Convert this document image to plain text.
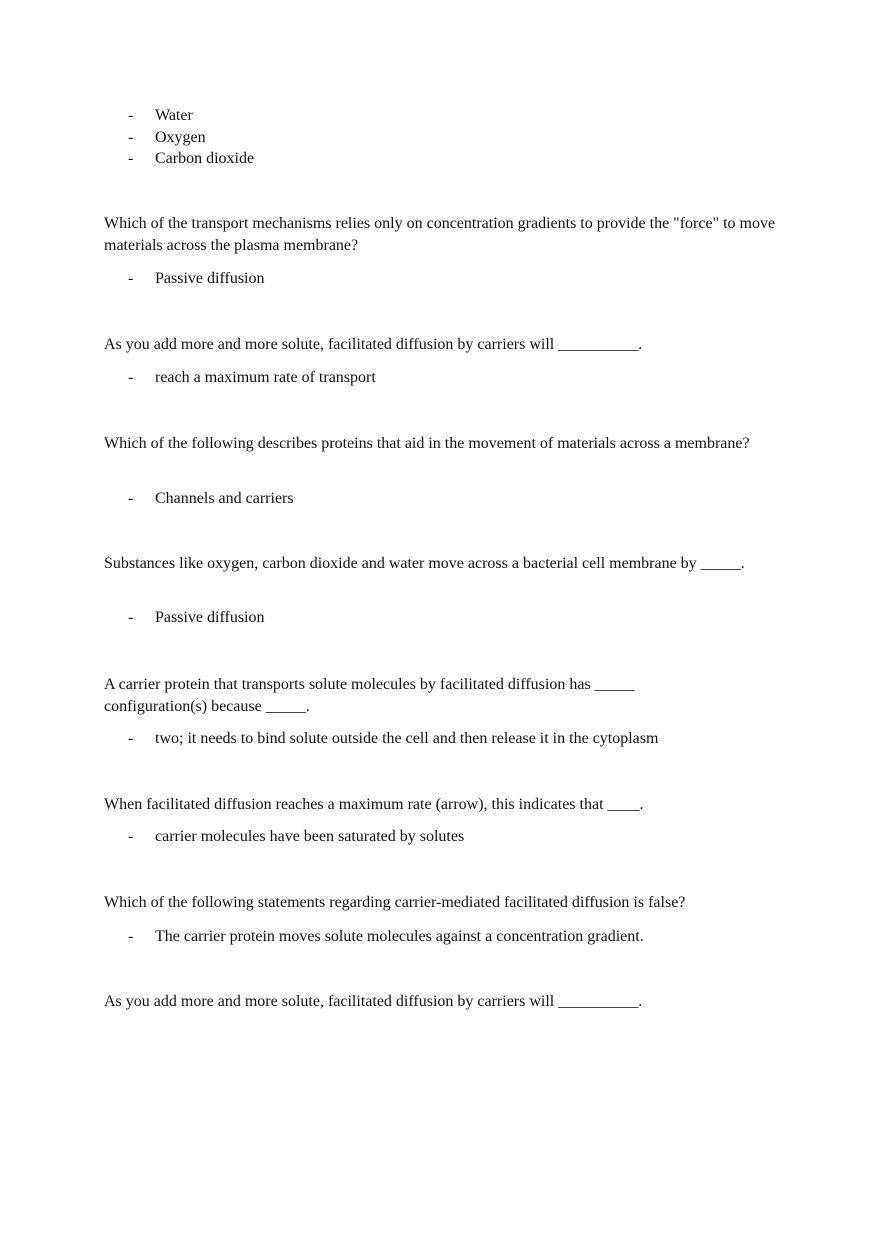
- Water
- Oxygen
- Carbon dioxide

Which of the transport mechanisms relies only on concentration gradients to provide the "force" to move materials across the plasma membrane?

- Passive diffusion

As you add more and more solute, facilitated diffusion by carriers will __________.

- reach a maximum rate of transport

Which of the following describes proteins that aid in the movement of materials across a membrane?

- Channels and carriers

Substances like oxygen, carbon dioxide and water move across a bacterial cell membrane by _____.

- Passive diffusion

A carrier protein that transports solute molecules by facilitated diffusion has _____ configuration(s) because _____.

- two; it needs to bind solute outside the cell and then release it in the cytoplasm

When facilitated diffusion reaches a maximum rate (arrow), this indicates that ____.

- carrier molecules have been saturated by solutes

Which of the following statements regarding carrier-mediated facilitated diffusion is false?

- The carrier protein moves solute molecules against a concentration gradient.

As you add more and more solute, facilitated diffusion by carriers will __________.
